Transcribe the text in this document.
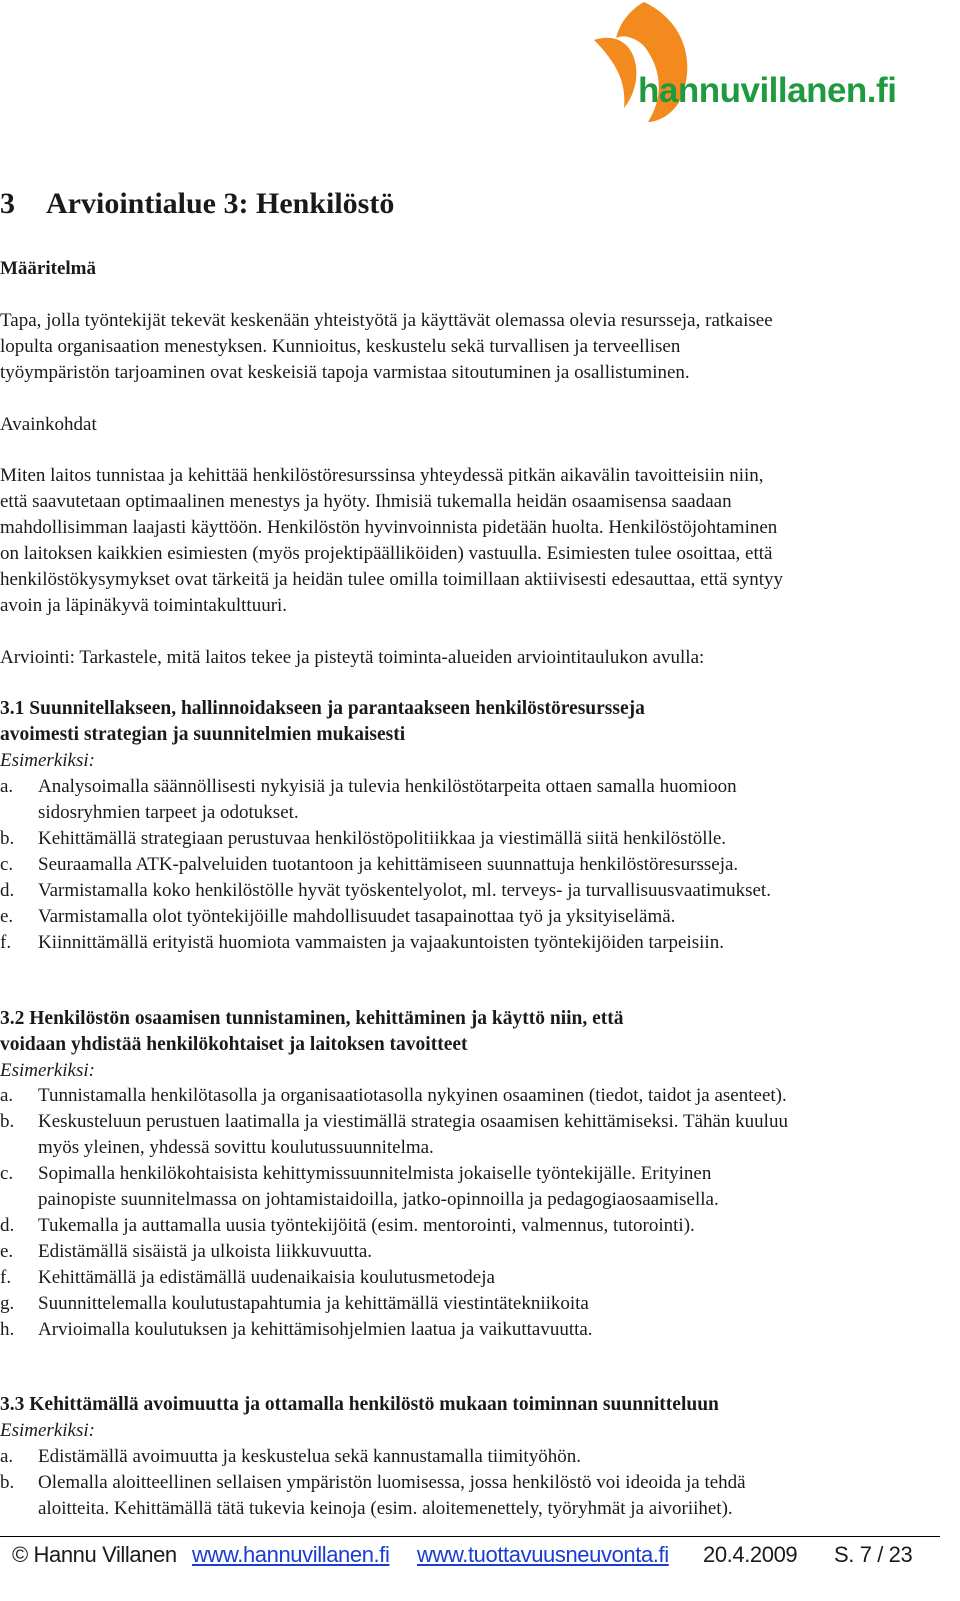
hannuvillanen.fi
3 Arviointialue 3: Henkilöstö

Määritelmä

Tapa, jolla työntekijät tekevät keskenään yhteistyötä ja käyttävät olemassa olevia resursseja, ratkaisee

lopulta organisaation menestyksen. Kunnioitus, keskustelu sekä turvallisen ja terveellisen

työympäristön tarjoaminen ovat keskeisiä tapoja varmistaa sitoutuminen ja osallistuminen.

Avainkohdat

Miten laitos tunnistaa ja kehittää henkilöstöresurssinsa yhteydessä pitkän aikavälin tavoitteisiin niin,

että saavutetaan optimaalinen menestys ja hyöty. Ihmisiä tukemalla heidän osaamisensa saadaan

mahdollisimman laajasti käyttöön. Henkilöstön hyvinvoinnista pidetään huolta. Henkilöstöjohtaminen

on laitoksen kaikkien esimiesten (myös projektipäälliköiden) vastuulla. Esimiesten tulee osoittaa, että

henkilöstökysymykset ovat tärkeitä ja heidän tulee omilla toimillaan aktiivisesti edesauttaa, että syntyy

avoin ja läpinäkyvä toimintakulttuuri.

Arviointi: Tarkastele, mitä laitos tekee ja pisteytä toiminta-alueiden arviointitaulukon avulla:

3.1 Suunnitellakseen, hallinnoidakseen ja parantaakseen henkilöstöresursseja

avoimesti strategian ja suunnitelmien mukaisesti

Esimerkiksi:

a. Analysoimalla säännöllisesti nykyisiä ja tulevia henkilöstötarpeita ottaen samalla huomioon
sidosryhmien tarpeet ja odotukset.
b. Kehittämällä strategiaan perustuvaa henkilöstöpolitiikkaa ja viestimällä siitä henkilöstölle.
c. Seuraamalla ATK-palveluiden tuotantoon ja kehittämiseen suunnattuja henkilöstöresursseja.
d. Varmistamalla koko henkilöstölle hyvät työskentelyolot, ml. terveys- ja turvallisuusvaatimukset.
e. Varmistamalla olot työntekijöille mahdollisuudet tasapainottaa työ ja yksityiselämä.
f. Kiinnittämällä erityistä huomiota vammaisten ja vajaakuntoisten työntekijöiden tarpeisiin.

3.2 Henkilöstön osaamisen tunnistaminen, kehittäminen ja käyttö niin, että

voidaan yhdistää henkilökohtaiset ja laitoksen tavoitteet

Esimerkiksi:

a. Tunnistamalla henkilötasolla ja organisaatiotasolla nykyinen osaaminen (tiedot, taidot ja asenteet).
b. Keskusteluun perustuen laatimalla ja viestimällä strategia osaamisen kehittämiseksi. Tähän kuuluu
myös yleinen, yhdessä sovittu koulutussuunnitelma.
c. Sopimalla henkilökohtaisista kehittymissuunnitelmista jokaiselle työntekijälle. Erityinen
painopiste suunnitelmassa on johtamistaidoilla, jatko-opinnoilla ja pedagogiaosaamisella.
d. Tukemalla ja auttamalla uusia työntekijöitä (esim. mentorointi, valmennus, tutorointi).
e. Edistämällä sisäistä ja ulkoista liikkuvuutta.
f. Kehittämällä ja edistämällä uudenaikaisia koulutusmetodeja
g. Suunnittelemalla koulutustapahtumia ja kehittämällä viestintätekniikoita
h. Arvioimalla koulutuksen ja kehittämisohjelmien laatua ja vaikuttavuutta.

3.3 Kehittämällä avoimuutta ja ottamalla henkilöstö mukaan toiminnan suunnitteluun

Esimerkiksi:

a. Edistämällä avoimuutta ja keskustelua sekä kannustamalla tiimityöhön.
b. Olemalla aloitteellinen sellaisen ympäristön luomisessa, jossa henkilöstö voi ideoida ja tehdä
aloitteita. Kehittämällä tätä tukevia keinoja (esim. aloitemenettely, työryhmät ja aivoriihet).
© Hannu Villanen www.hannuvillanen.fi www.tuottavuusneuvonta.fi 20.4.2009 S. 7 / 23
